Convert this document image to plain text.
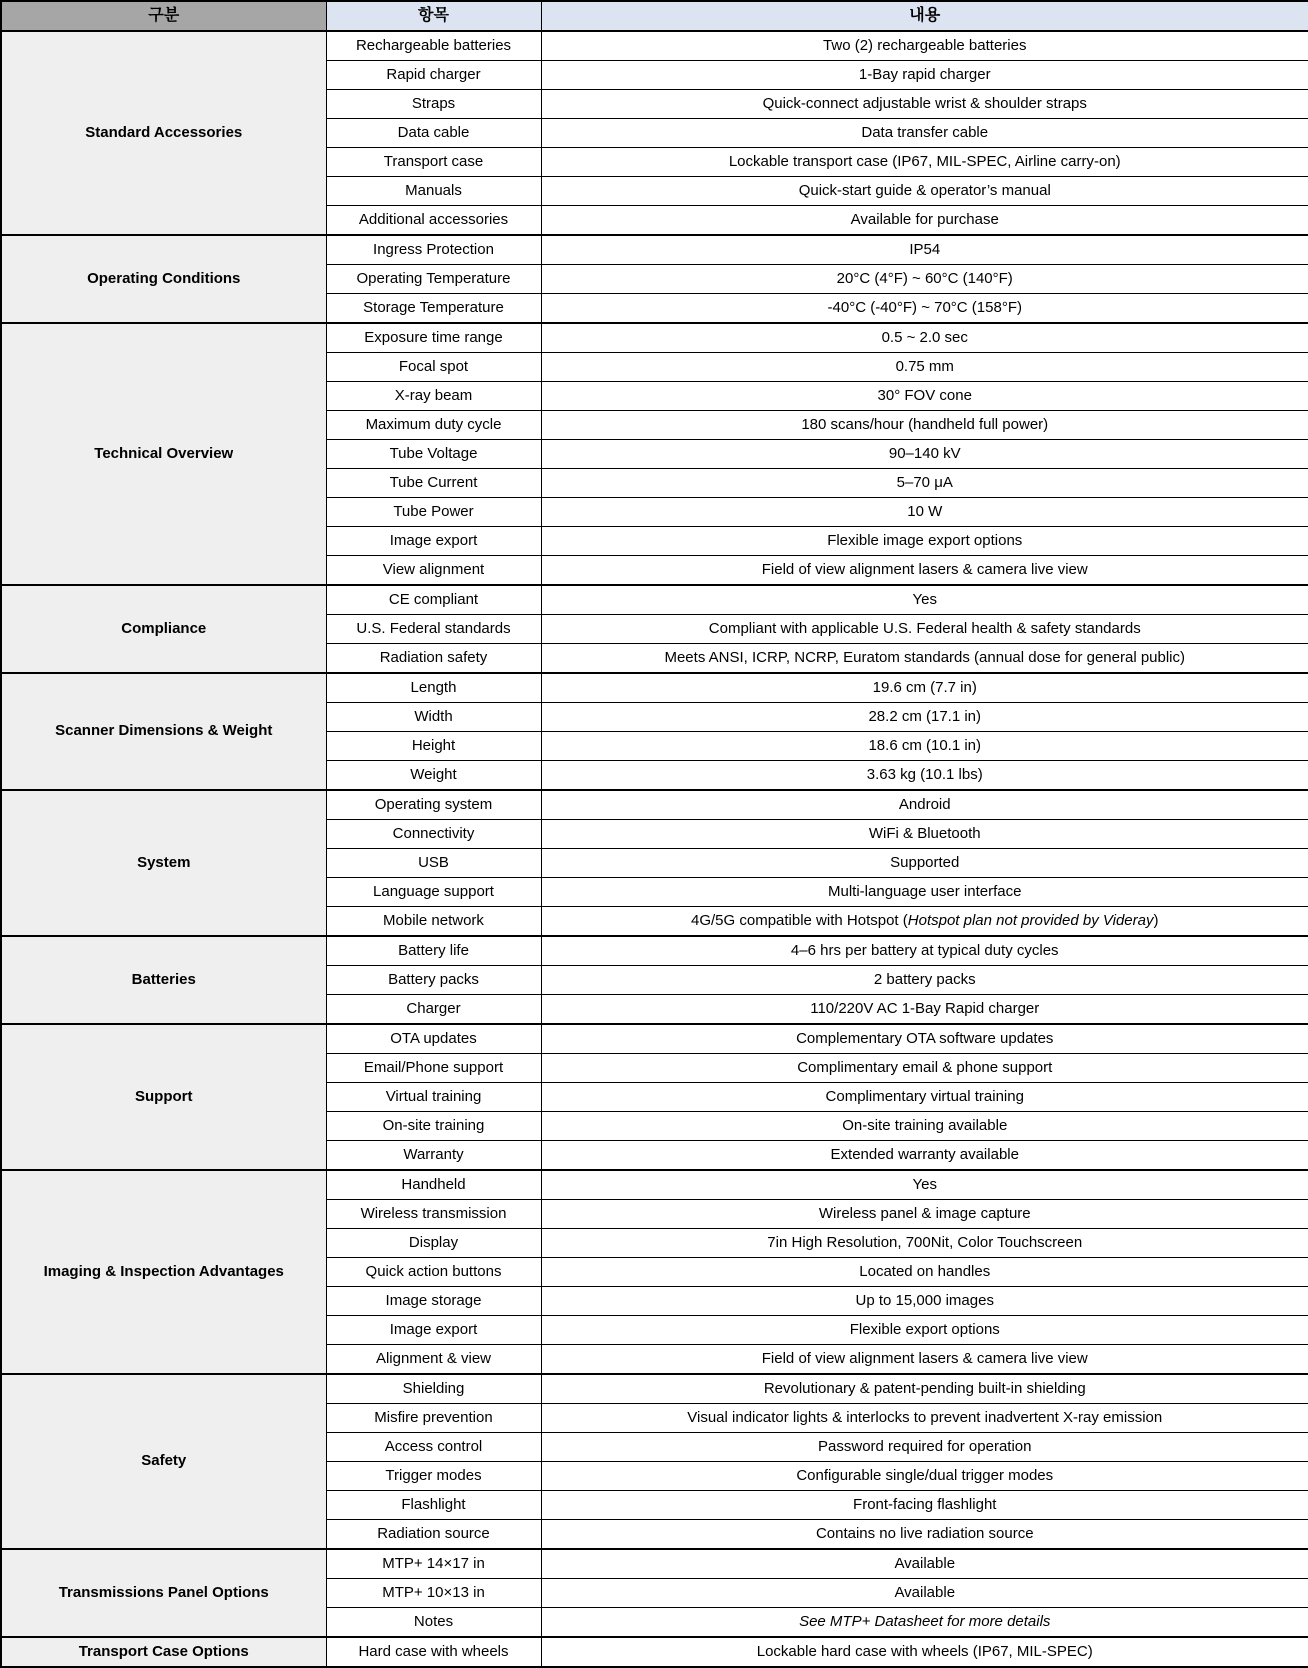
구분	항목	내용
Standard Accessories	Rechargeable batteries	Two (2) rechargeable batteries
	Rapid charger	1-Bay rapid charger
	Straps	Quick-connect adjustable wrist & shoulder straps
	Data cable	Data transfer cable
	Transport case	Lockable transport case (IP67, MIL-SPEC, Airline carry-on)
	Manuals	Quick-start guide & operator’s manual
	Additional accessories	Available for purchase
Operating Conditions	Ingress Protection	IP54
	Operating Temperature	20°C (4°F) ~ 60°C (140°F)
	Storage Temperature	-40°C (-40°F) ~ 70°C (158°F)
Technical Overview	Exposure time range	0.5 ~ 2.0 sec
	Focal spot	0.75 mm
	X-ray beam	30° FOV cone
	Maximum duty cycle	180 scans/hour (handheld full power)
	Tube Voltage	90–140 kV
	Tube Current	5–70 μA
	Tube Power	10 W
	Image export	Flexible image export options
	View alignment	Field of view alignment lasers & camera live view
Compliance	CE compliant	Yes
	U.S. Federal standards	Compliant with applicable U.S. Federal health & safety standards
	Radiation safety	Meets ANSI, ICRP, NCRP, Euratom standards (annual dose for general public)
Scanner Dimensions & Weight	Length	19.6 cm (7.7 in)
	Width	28.2 cm (17.1 in)
	Height	18.6 cm (10.1 in)
	Weight	3.63 kg (10.1 lbs)
System	Operating system	Android
	Connectivity	WiFi & Bluetooth
	USB	Supported
	Language support	Multi-language user interface
	Mobile network	4G/5G compatible with Hotspot (Hotspot plan not provided by Videray)
Batteries	Battery life	4–6 hrs per battery at typical duty cycles
	Battery packs	2 battery packs
	Charger	110/220V AC 1-Bay Rapid charger
Support	OTA updates	Complementary OTA software updates
	Email/Phone support	Complimentary email & phone support
	Virtual training	Complimentary virtual training
	On-site training	On-site training available
	Warranty	Extended warranty available
Imaging & Inspection Advantages	Handheld	Yes
	Wireless transmission	Wireless panel & image capture
	Display	7in High Resolution, 700Nit, Color Touchscreen
	Quick action buttons	Located on handles
	Image storage	Up to 15,000 images
	Image export	Flexible export options
	Alignment & view	Field of view alignment lasers & camera live view
Safety	Shielding	Revolutionary & patent-pending built-in shielding
	Misfire prevention	Visual indicator lights & interlocks to prevent inadvertent X-ray emission
	Access control	Password required for operation
	Trigger modes	Configurable single/dual trigger modes
	Flashlight	Front-facing flashlight
	Radiation source	Contains no live radiation source
Transmissions Panel Options	MTP+ 14×17 in	Available
	MTP+ 10×13 in	Available
	Notes	See MTP+ Datasheet for more details
Transport Case Options	Hard case with wheels	Lockable hard case with wheels (IP67, MIL-SPEC)
